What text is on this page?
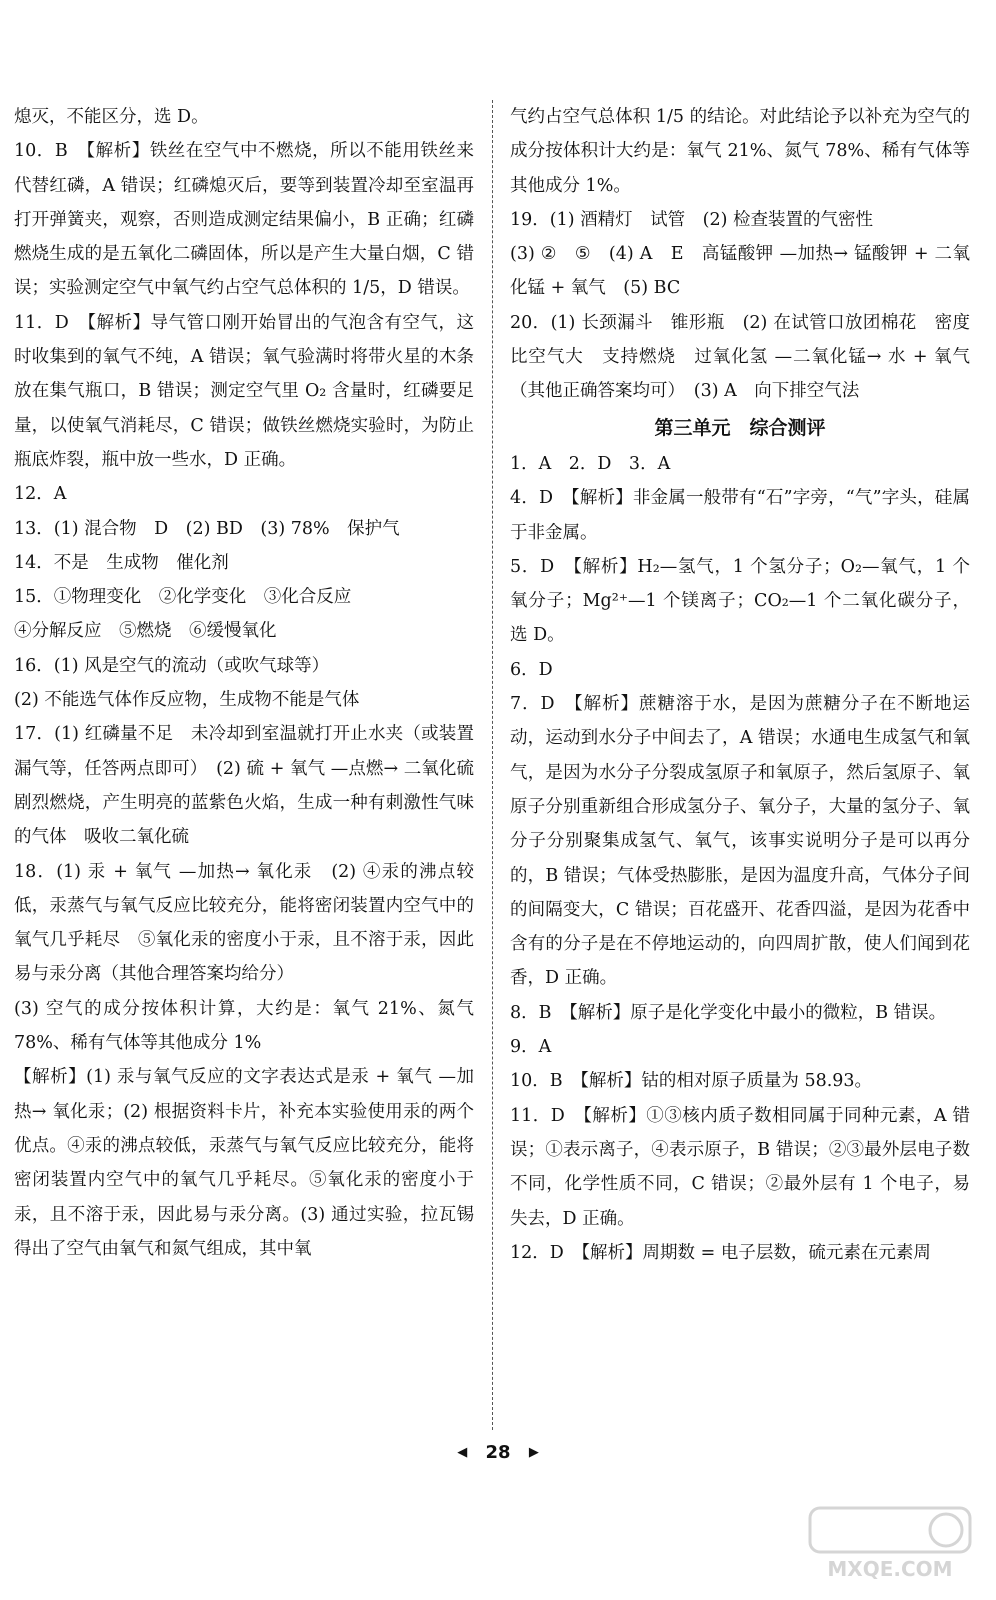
熄灭，不能区分，选 D。

10．B　【解析】铁丝在空气中不燃烧，所以不能用铁丝来代替红磷，A 错误；红磷熄灭后，要等到装置冷却至室温再打开弹簧夹，观察，否则造成测定结果偏小，B 正确；红磷燃烧生成的是五氧化二磷固体，所以是产生大量白烟，C 错误；实验测定空气中氧气约占空气总体积的 1/5，D 错误。

11．D　【解析】导气管口刚开始冒出的气泡含有空气，这时收集到的氧气不纯，A 错误；氧气验满时将带火星的木条放在集气瓶口，B 错误；测定空气里 O₂ 含量时，红磷要足量，以使氧气消耗尽，C 错误；做铁丝燃烧实验时，为防止瓶底炸裂，瓶中放一些水，D 正确。

12．A

13．(1) 混合物　D　(2) BD　(3) 78%　保护气

14．不是　生成物　催化剂

15．①物理变化　②化学变化　③化合反应

④分解反应　⑤燃烧　⑥缓慢氧化

16．(1) 风是空气的流动（或吹气球等）

(2) 不能选气体作反应物，生成物不能是气体

17．(1) 红磷量不足　未冷却到室温就打开止水夹（或装置漏气等，任答两点即可）　(2) 硫 + 氧气 —点燃→ 二氧化硫　剧烈燃烧，产生明亮的蓝紫色火焰，生成一种有刺激性气味的气体　吸收二氧化硫

18．(1) 汞 + 氧气 —加热→ 氧化汞　(2) ④汞的沸点较低，汞蒸气与氧气反应比较充分，能将密闭装置内空气中的氧气几乎耗尽　⑤氧化汞的密度小于汞，且不溶于汞，因此易与汞分离（其他合理答案均给分）

(3) 空气的成分按体积计算，大约是：氧气 21%、氮气 78%、稀有气体等其他成分 1%

【解析】(1) 汞与氧气反应的文字表达式是汞 + 氧气 —加热→ 氧化汞；(2) 根据资料卡片，补充本实验使用汞的两个优点。④汞的沸点较低，汞蒸气与氧气反应比较充分，能将密闭装置内空气中的氧气几乎耗尽。⑤氧化汞的密度小于汞，且不溶于汞，因此易与汞分离。(3) 通过实验，拉瓦锡得出了空气由氧气和氮气组成，其中氧

气约占空气总体积 1/5 的结论。对此结论予以补充为空气的成分按体积计大约是：氧气 21%、氮气 78%、稀有气体等其他成分 1%。

19．(1) 酒精灯　试管　(2) 检查装置的气密性

(3) ②　⑤　(4) A　E　高锰酸钾 —加热→ 锰酸钾 + 二氧化锰 + 氧气　(5) BC

20．(1) 长颈漏斗　锥形瓶　(2) 在试管口放团棉花　密度比空气大　支持燃烧　过氧化氢 —二氧化锰→ 水 + 氧气（其他正确答案均可）　(3) A　向下排空气法

第三单元　综合测评

1．A　2．D　3．A

4．D　【解析】非金属一般带有“石”字旁，“气”字头，硅属于非金属。

5．D　【解析】H₂—氢气，1 个氢分子；O₂—氧气，1 个氧分子；Mg²⁺—1 个镁离子；CO₂—1 个二氧化碳分子，选 D。

6．D

7．D　【解析】蔗糖溶于水，是因为蔗糖分子在不断地运动，运动到水分子中间去了，A 错误；水通电生成氢气和氧气，是因为水分子分裂成氢原子和氧原子，然后氢原子、氧原子分别重新组合形成氢分子、氧分子，大量的氢分子、氧分子分别聚集成氢气、氧气，该事实说明分子是可以再分的，B 错误；气体受热膨胀，是因为温度升高，气体分子间的间隔变大，C 错误；百花盛开、花香四溢，是因为花香中含有的分子是在不停地运动的，向四周扩散，使人们闻到花香，D 正确。

8．B　【解析】原子是化学变化中最小的微粒，B 错误。

9．A

10．B　【解析】钴的相对原子质量为 58.93。

11．D　【解析】①③核内质子数相同属于同种元素，A 错误；①表示离子，④表示原子，B 错误；②③最外层电子数不同，化学性质不同，C 错误；②最外层有 1 个电子，易失去，D 正确。

12．D　【解析】周期数 = 电子层数，硫元素在元素周

◀ 28 ▶
MXQE.COM
